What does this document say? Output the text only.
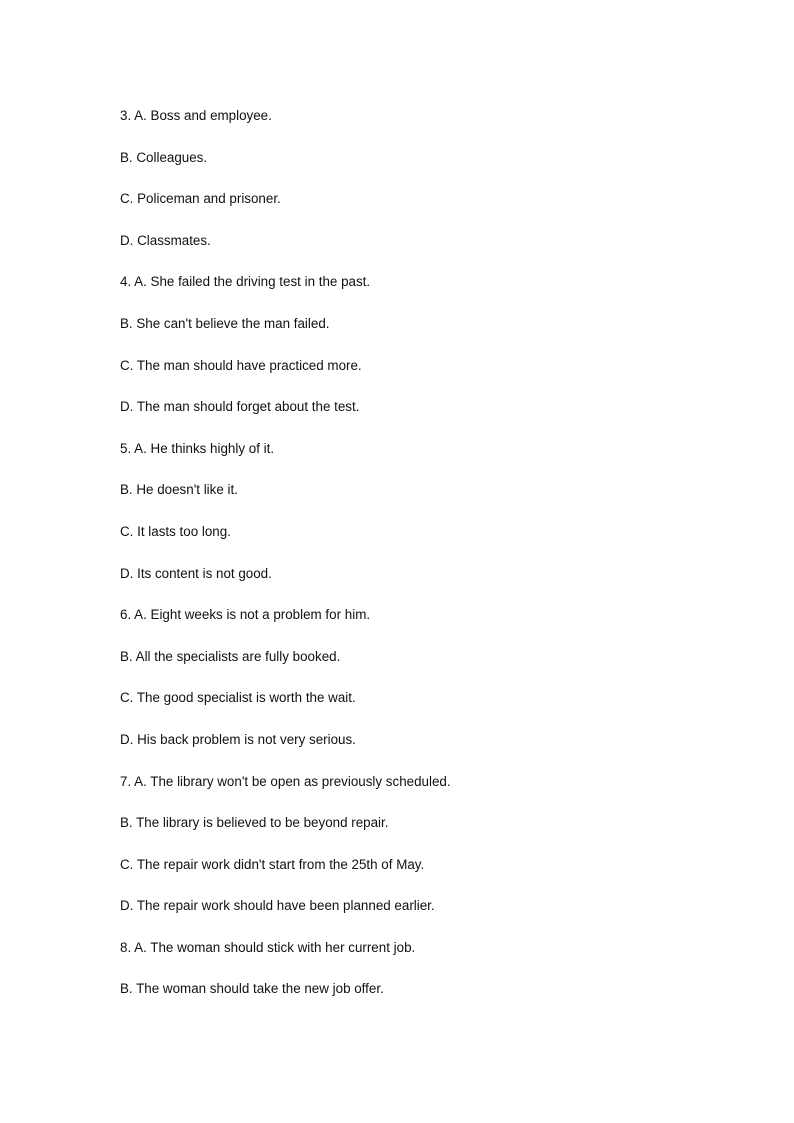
3. A. Boss and employee.
B. Colleagues.
C. Policeman and prisoner.
D. Classmates.
4. A. She failed the driving test in the past.
B. She can't believe the man failed.
C. The man should have practiced more.
D. The man should forget about the test.
5. A. He thinks highly of it.
B. He doesn't like it.
C. It lasts too long.
D. Its content is not good.
6. A. Eight weeks is not a problem for him.
B. All the specialists are fully booked.
C. The good specialist is worth the wait.
D. His back problem is not very serious.
7. A. The library won't be open as previously scheduled.
B. The library is believed to be beyond repair.
C. The repair work didn't start from the 25th of May.
D. The repair work should have been planned earlier.
8. A. The woman should stick with her current job.
B. The woman should take the new job offer.
